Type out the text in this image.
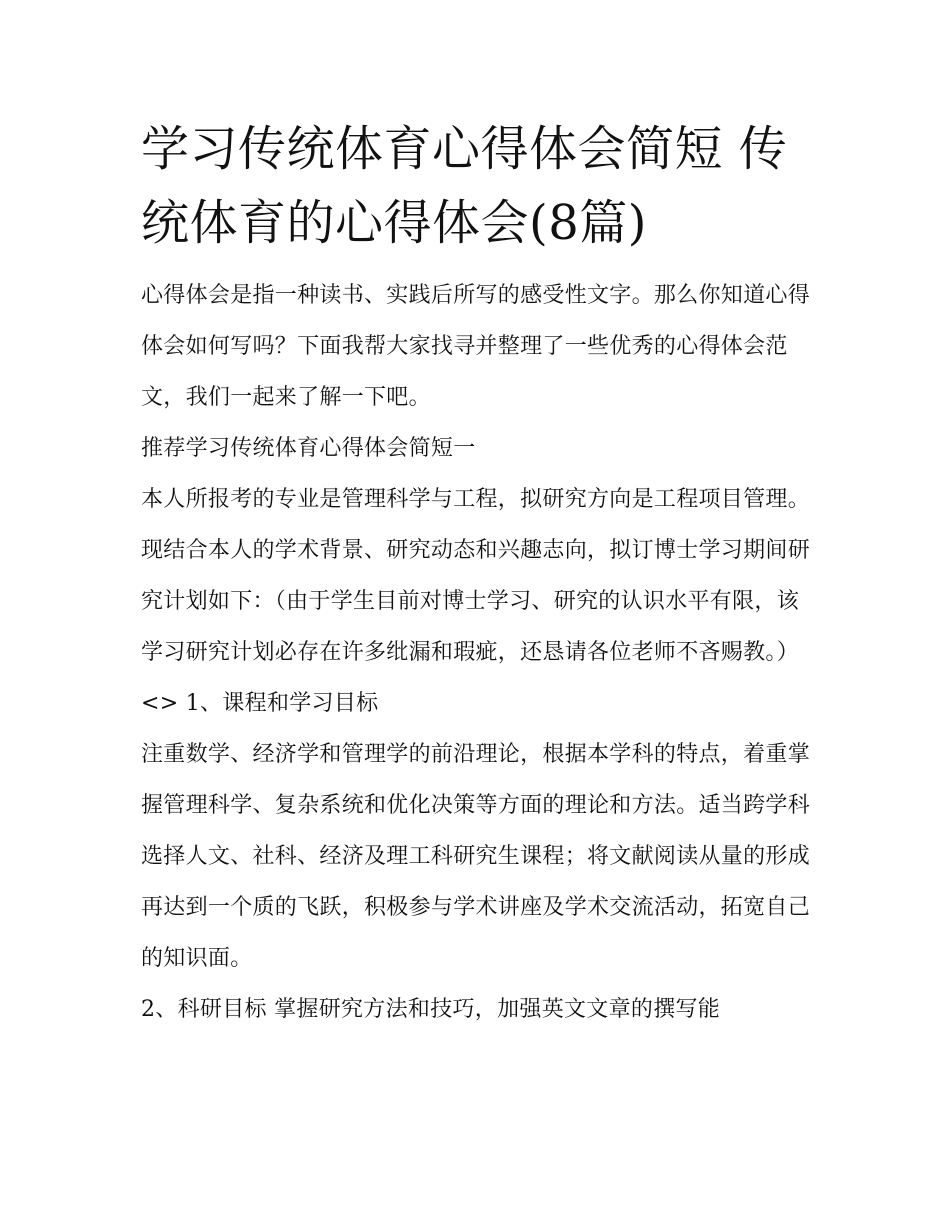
学习传统体育心得体会简短 传统体育的心得体会(8篇)

心得体会是指一种读书、实践后所写的感受性文字。那么你知道心得体会如何写吗？下面我帮大家找寻并整理了一些优秀的心得体会范文，我们一起来了解一下吧。

推荐学习传统体育心得体会简短一

本人所报考的专业是管理科学与工程，拟研究方向是工程项目管理。现结合本人的学术背景、研究动态和兴趣志向，拟订博士学习期间研究计划如下：（由于学生目前对博士学习、研究的认识水平有限，该学习研究计划必存在许多纰漏和瑕疵，还恳请各位老师不吝赐教。）

<> 1、课程和学习目标

注重数学、经济学和管理学的前沿理论，根据本学科的特点，着重掌握管理科学、复杂系统和优化决策等方面的理论和方法。适当跨学科选择人文、社科、经济及理工科研究生课程；将文献阅读从量的形成再达到一个质的飞跃，积极参与学术讲座及学术交流活动，拓宽自己的知识面。

2、科研目标 掌握研究方法和技巧，加强英文文章的撰写能
